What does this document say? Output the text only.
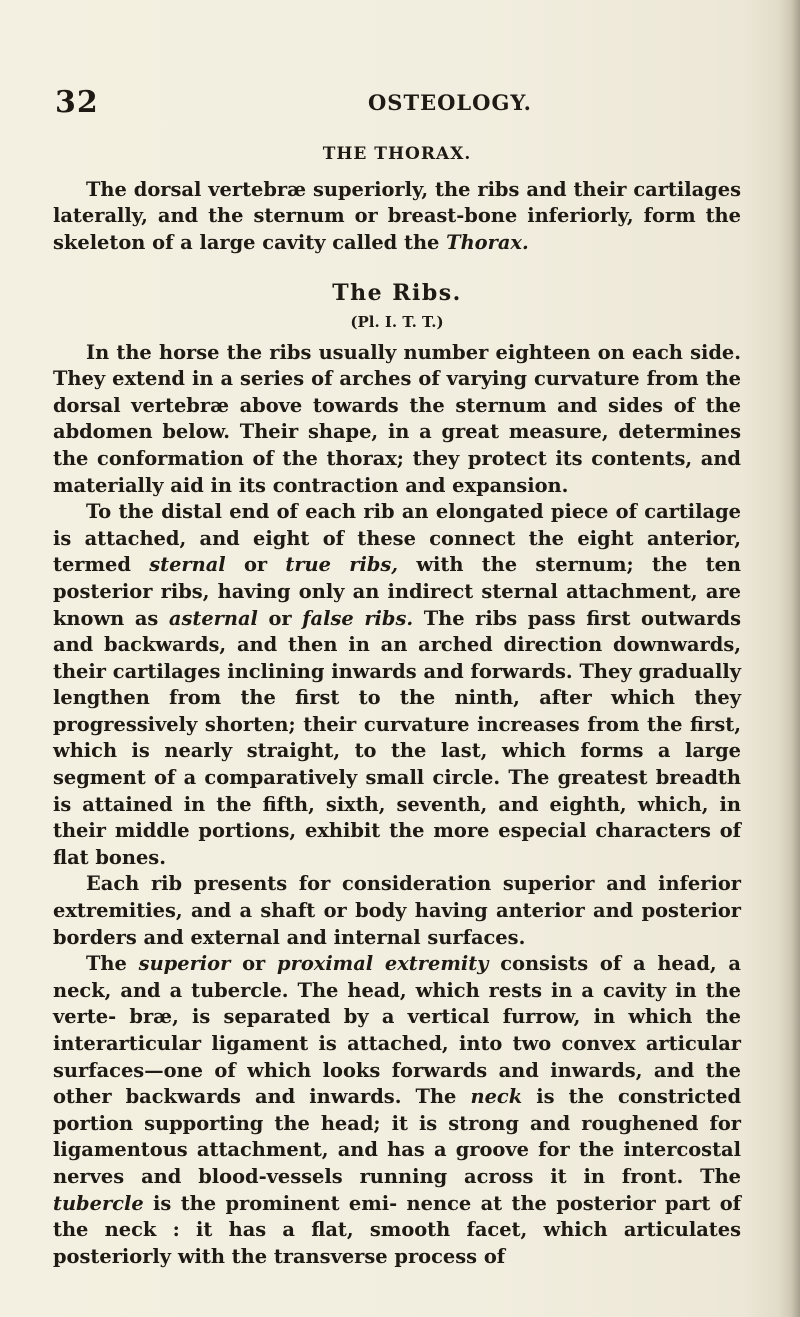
32	OSTEOLOGY.
THE THORAX.

The dorsal vertebræ superiorly, the ribs and their cartilages laterally, and the sternum or breast-bone inferiorly, form the skeleton of a large cavity called the Thorax.

The Ribs.
(Pl. I. T. T.)

In the horse the ribs usually number eighteen on each side. They extend in a series of arches of varying curvature from the dorsal vertebræ above towards the sternum and sides of the abdomen below. Their shape, in a great measure, determines the conformation of the thorax; they protect its contents, and materially aid in its contraction and expansion.

To the distal end of each rib an elongated piece of cartilage is attached, and eight of these connect the eight anterior, termed sternal or true ribs, with the sternum; the ten posterior ribs, having only an indirect sternal attachment, are known as asternal or false ribs. The ribs pass first outwards and backwards, and then in an arched direction downwards, their cartilages inclining inwards and forwards. They gradually lengthen from the first to the ninth, after which they progressively shorten; their curvature increases from the first, which is nearly straight, to the last, which forms a large segment of a comparatively small circle. The greatest breadth is attained in the fifth, sixth, seventh, and eighth, which, in their middle portions, exhibit the more especial characters of flat bones.

Each rib presents for consideration superior and inferior extremities, and a shaft or body having anterior and posterior borders and external and internal surfaces.

The superior or proximal extremity consists of a head, a neck, and a tubercle. The head, which rests in a cavity in the verte- bræ, is separated by a vertical furrow, in which the interarticular ligament is attached, into two convex articular surfaces—one of which looks forwards and inwards, and the other backwards and inwards. The neck is the constricted portion supporting the head; it is strong and roughened for ligamentous attachment, and has a groove for the intercostal nerves and blood-vessels running across it in front. The tubercle is the prominent emi- nence at the posterior part of the neck : it has a flat, smooth facet, which articulates posteriorly with the transverse process of
